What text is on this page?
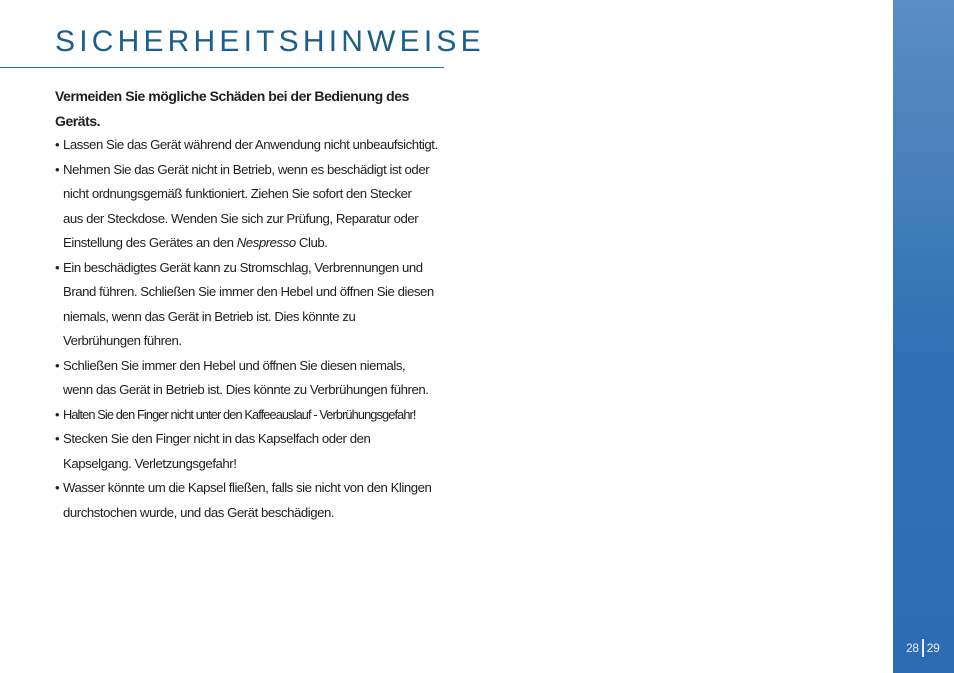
SICHERHEITSHINWEISE

Vermeiden Sie mögliche Schäden bei der Bedienung des Geräts.

• Lassen Sie das Gerät während der Anwendung nicht unbeaufsichtigt.
• Nehmen Sie das Gerät nicht in Betrieb, wenn es beschädigt ist oder
nicht ordnungsgemäß funktioniert. Ziehen Sie sofort den Stecker
aus der Steckdose. Wenden Sie sich zur Prüfung, Reparatur oder
Einstellung des Gerätes an den Nespresso Club.
• Ein beschädigtes Gerät kann zu Stromschlag, Verbrennungen und
Brand führen. Schließen Sie immer den Hebel und öffnen Sie diesen
niemals, wenn das Gerät in Betrieb ist. Dies könnte zu
Verbrühungen führen.
• Schließen Sie immer den Hebel und öffnen Sie diesen niemals,
wenn das Gerät in Betrieb ist. Dies könnte zu Verbrühungen führen.
• Halten Sie den Finger nicht unter den Kaffeeauslauf - Verbrühungsgefahr!
• Stecken Sie den Finger nicht in das Kapselfach oder den
Kapselgang. Verletzungsgefahr!
• Wasser könnte um die Kapsel fließen, falls sie nicht von den Klingen
durchstochen wurde, und das Gerät beschädigen.
28 29
